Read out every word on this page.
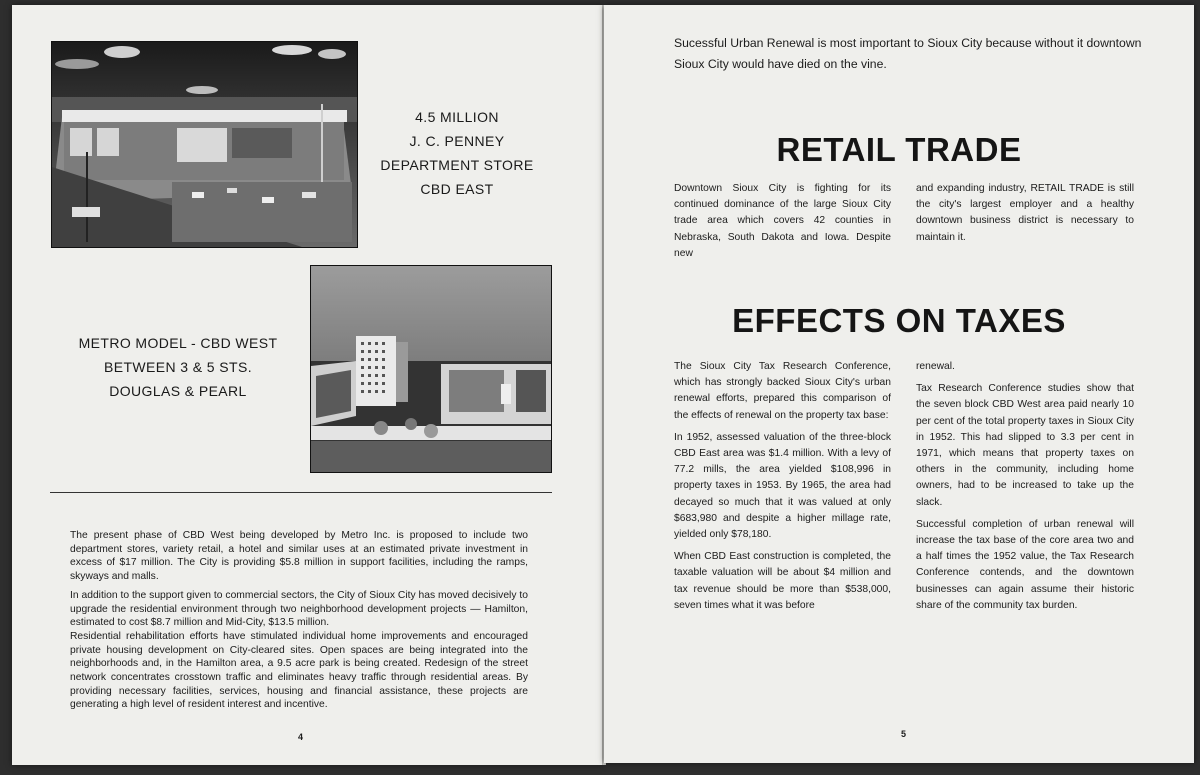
4.5 MILLION
J. C. PENNEY
DEPARTMENT STORE
CBD EAST
METRO MODEL - CBD WEST
BETWEEN 3 & 5 STS.
DOUGLAS & PEARL

The present phase of CBD West being developed by Metro Inc. is proposed to include two department stores, variety retail, a hotel and similar uses at an estimated private investment in excess of $17 million. The City is providing $5.8 million in support facilities, including the ramps, skyways and malls.

In addition to the support given to commercial sectors, the City of Sioux City has moved decisively to upgrade the residential environment through two neighborhood development projects — Hamilton, estimated to cost $8.7 million and Mid-City, $13.5 million.

Residential rehabilitation efforts have stimulated individual home improvements and encouraged private housing development on City-cleared sites. Open spaces are being integrated into the neighborhoods and, in the Hamilton area, a 9.5 acre park is being created. Redesign of the street network concentrates crosstown traffic and eliminates heavy traffic through residential areas. By providing necessary facilities, services, housing and financial assistance, these projects are generating a high level of resident interest and incentive.

4
Sucessful Urban Renewal is most important to Sioux City because without it downtown Sioux City would have died on the vine.
RETAIL TRADE

Downtown Sioux City is fighting for its continued dominance of the large Sioux City trade area which covers 42 counties in Nebraska, South Dakota and Iowa. Despite new

and expanding industry, RETAIL TRADE is still the city's largest employer and a healthy downtown business district is necessary to maintain it.

EFFECTS ON TAXES

The Sioux City Tax Research Conference, which has strongly backed Sioux City's urban renewal efforts, prepared this comparison of the effects of renewal on the property tax base:

In 1952, assessed valuation of the three-block CBD East area was $1.4 million. With a levy of 77.2 mills, the area yielded $108,996 in property taxes in 1953. By 1965, the area had decayed so much that it was valued at only $683,980 and despite a higher millage rate, yielded only $78,180.

When CBD East construction is completed, the taxable valuation will be about $4 million and tax revenue should be more than $538,000, seven times what it was before

renewal.

Tax Research Conference studies show that the seven block CBD West area paid nearly 10 per cent of the total property taxes in Sioux City in 1952. This had slipped to 3.3 per cent in 1971, which means that property taxes on others in the community, including home owners, had to be increased to take up the slack.

Successful completion of urban renewal will increase the tax base of the core area two and a half times the 1952 value, the Tax Research Conference contends, and the downtown businesses can again assume their historic share of the community tax burden.

5
